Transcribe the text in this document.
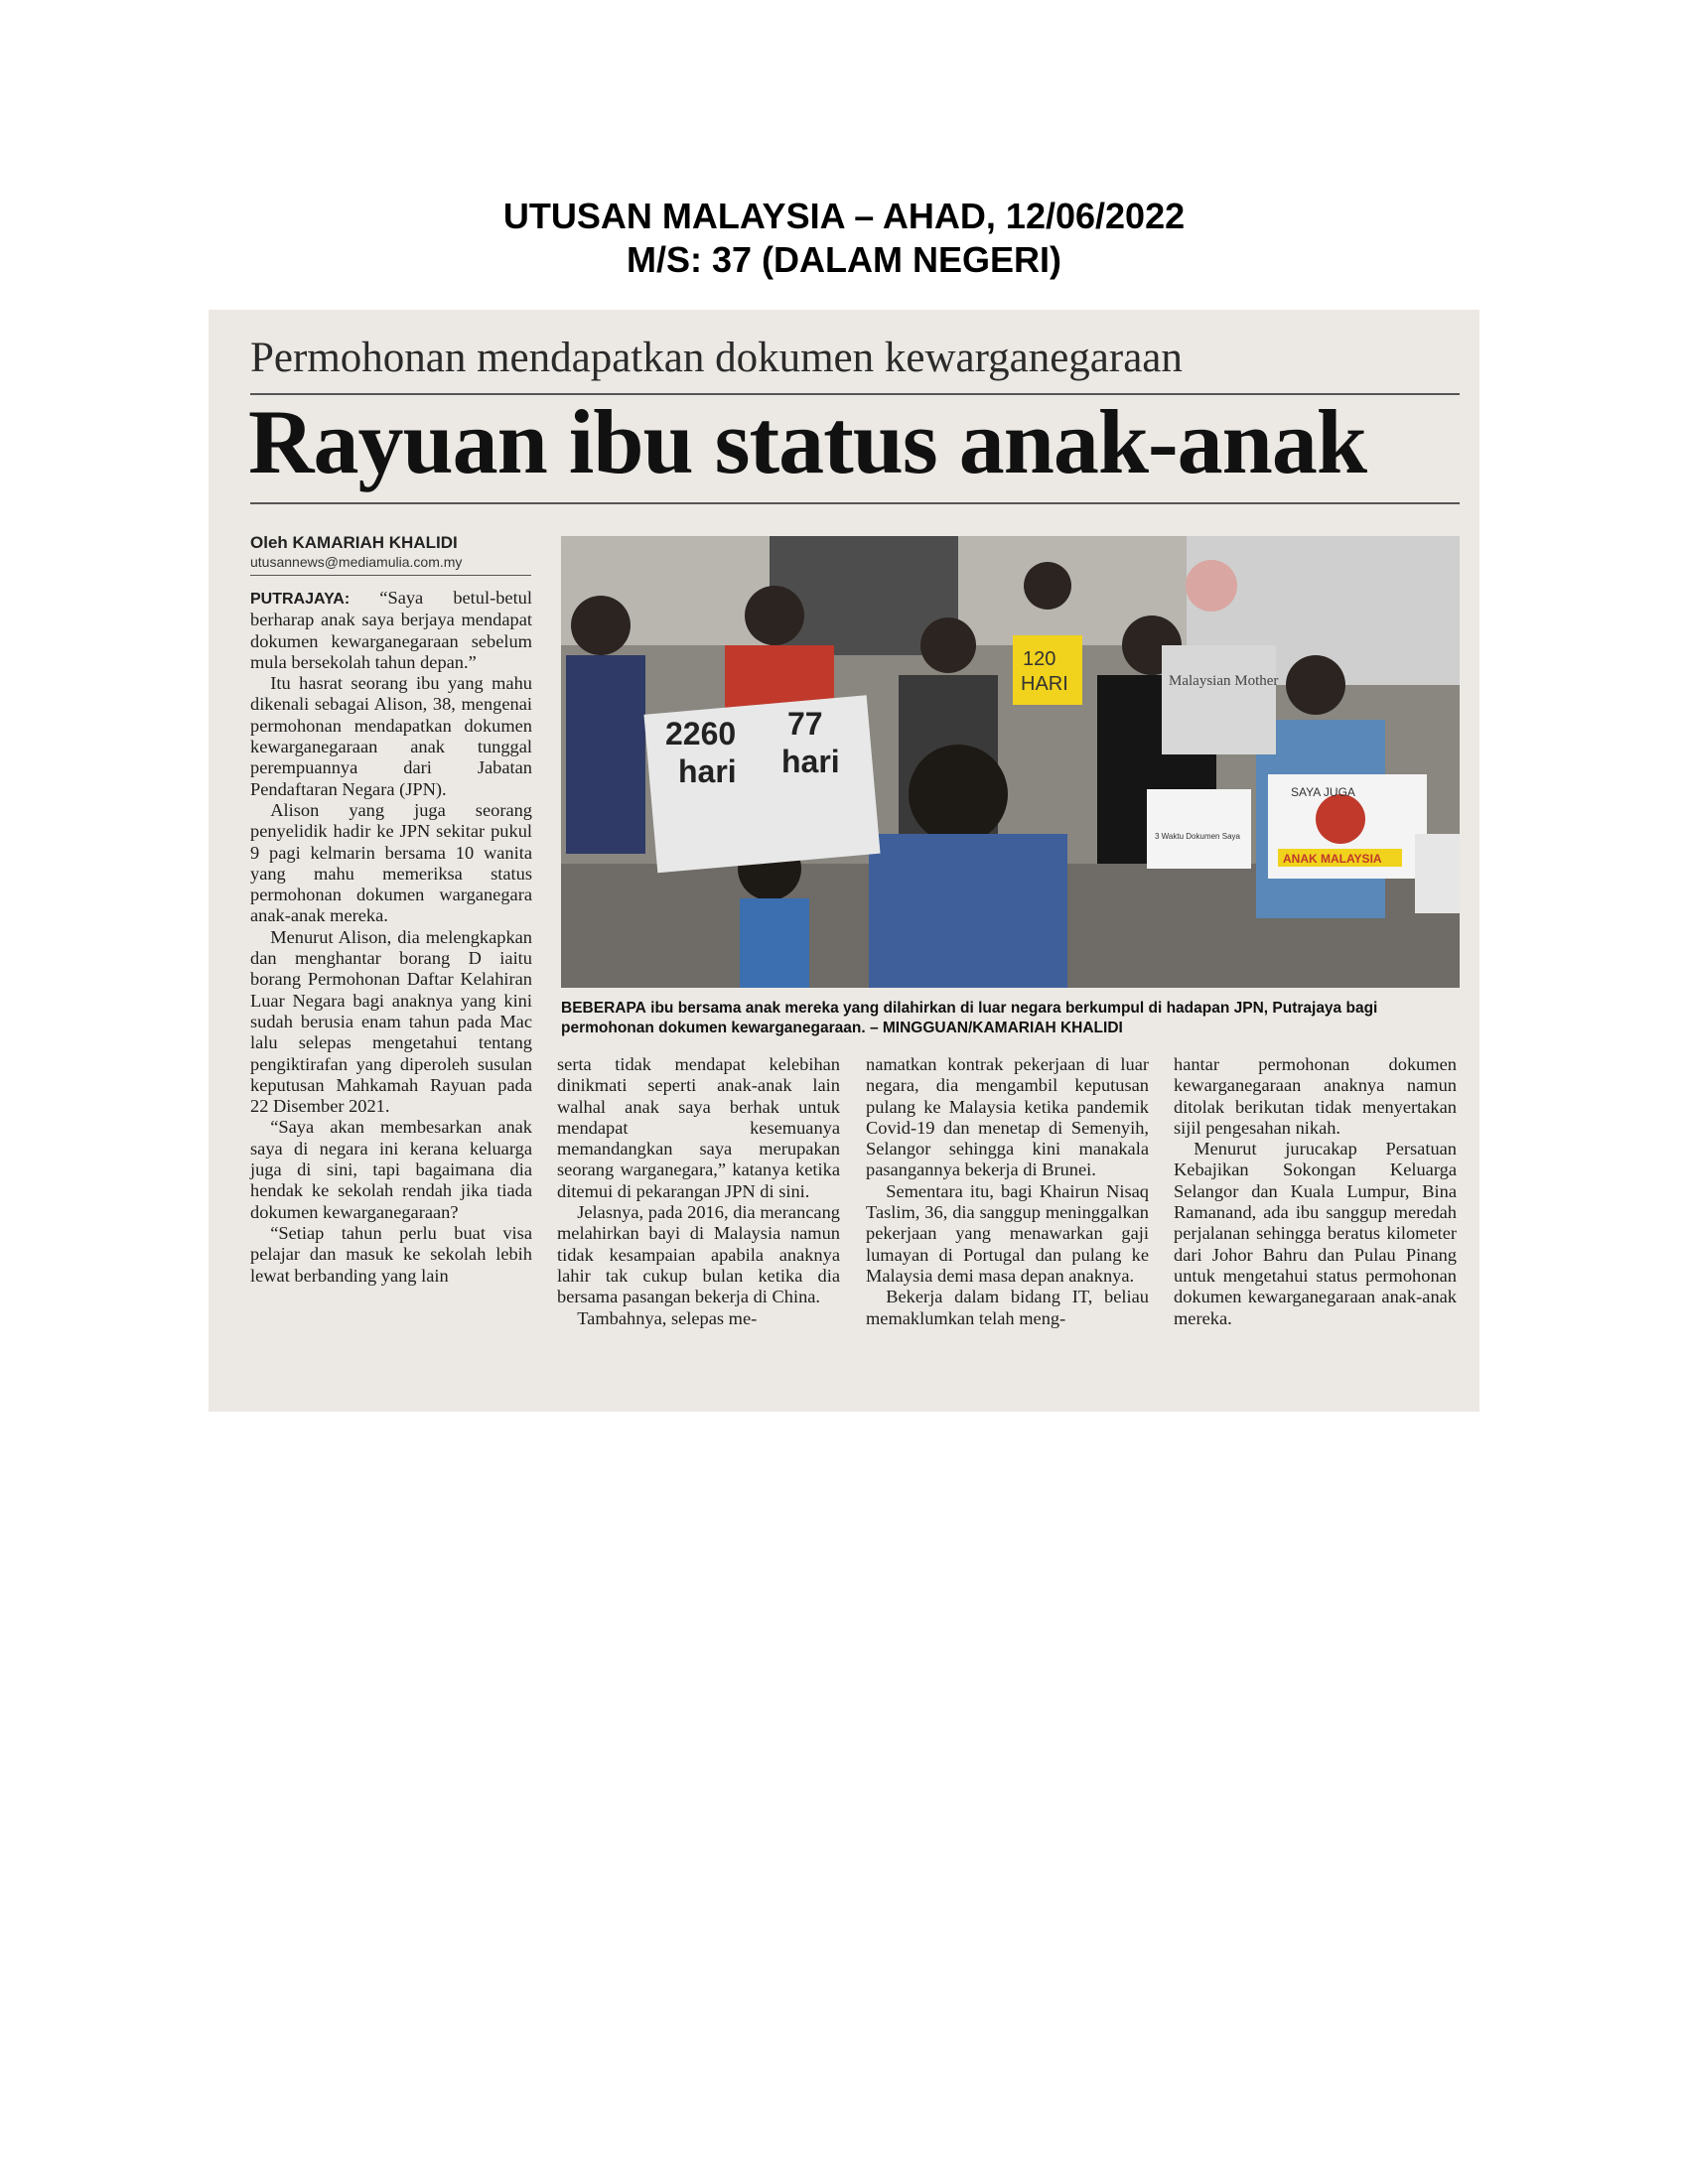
UTUSAN MALAYSIA – AHAD, 12/06/2022
M/S: 37 (DALAM NEGERI)
Permohonan mendapatkan dokumen kewarganegaraan
Rayuan ibu status anak-anak
Oleh KAMARIAH KHALIDI
utusannews@mediamulia.com.my

PUTRAJAYA: “Saya betul-betul berharap anak saya berjaya mendapat dokumen kewarganegaraan sebelum mula bersekolah tahun depan.”

Itu hasrat seorang ibu yang mahu dikenali sebagai Alison, 38, mengenai permohonan mendapatkan dokumen kewarganegaraan anak tunggal perempuannya dari Jabatan Pendaftaran Negara (JPN).

Alison yang juga seorang penyelidik hadir ke JPN sekitar pukul 9 pagi kelmarin bersama 10 wanita yang mahu memeriksa status permohonan dokumen warganegara anak-anak mereka.

Menurut Alison, dia melengkapkan dan menghantar borang D iaitu borang Permohonan Daftar Kelahiran Luar Negara bagi anaknya yang kini sudah berusia enam tahun pada Mac lalu selepas mengetahui tentang pengiktirafan yang diperoleh susulan keputusan Mahkamah Rayuan pada 22 Disember 2021.

“Saya akan membesarkan anak saya di negara ini kerana keluarga juga di sini, tapi bagaimana dia hendak ke sekolah rendah jika tiada dokumen kewarganegaraan?

“Setiap tahun perlu buat visa pelajar dan masuk ke sekolah lebih lewat berbanding yang lain

2260
hari
77
hari
120
HARI	Malaysian Mother
3 Waktu Dokumen Saya
SAYA JUGA
ANAK MALAYSIA
BEBERAPA ibu bersama anak mereka yang dilahirkan di luar negara berkumpul di hadapan JPN, Putrajaya bagi permohonan dokumen kewarganegaraan. – MINGGUAN/KAMARIAH KHALIDI

serta tidak mendapat kelebihan dinikmati seperti anak-anak lain walhal anak saya berhak untuk mendapat kesemuanya memandangkan saya merupakan seorang warganegara,” katanya ketika ditemui di pekarangan JPN di sini.

Jelasnya, pada 2016, dia merancang melahirkan bayi di Malaysia namun tidak kesampaian apabila anaknya lahir tak cukup bulan ketika dia bersama pasangan bekerja di China.

Tambahnya, selepas me-

namatkan kontrak pekerjaan di luar negara, dia mengambil keputusan pulang ke Malaysia ketika pandemik Covid-19 dan menetap di Semenyih, Selangor sehingga kini manakala pasangannya bekerja di Brunei.

Sementara itu, bagi Khairun Nisaq Taslim, 36, dia sanggup meninggalkan pekerjaan yang menawarkan gaji lumayan di Portugal dan pulang ke Malaysia demi masa depan anaknya.

Bekerja dalam bidang IT, beliau memaklumkan telah meng-

hantar permohonan dokumen kewarganegaraan anaknya namun ditolak berikutan tidak menyertakan sijil pengesahan nikah.

Menurut jurucakap Persatuan Kebajikan Sokongan Keluarga Selangor dan Kuala Lumpur, Bina Ramanand, ada ibu sanggup meredah perjalanan sehingga beratus kilometer dari Johor Bahru dan Pulau Pinang untuk mengetahui status permohonan dokumen kewarganegaraan anak-anak mereka.
